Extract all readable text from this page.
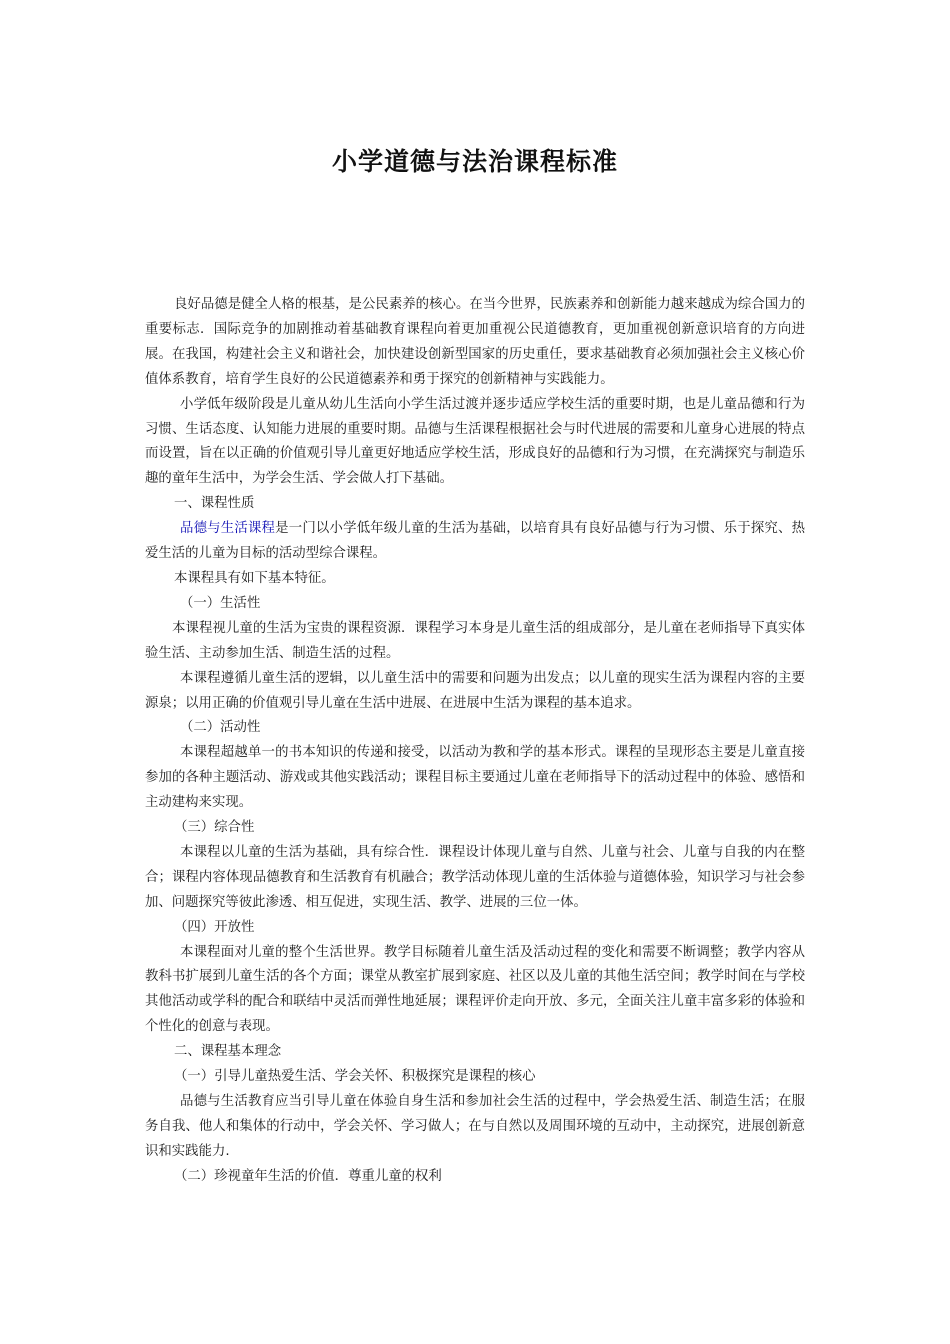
小学道德与法治课程标准

良好品德是健全人格的根基，是公民素养的核心。在当今世界，民族素养和创新能力越来越成为综合国力的重要标志．国际竞争的加剧推动着基础教育课程向着更加重视公民道德教育，更加重视创新意识培育的方向进展。在我国，构建社会主义和谐社会，加快建设创新型国家的历史重任，要求基础教育必须加强社会主义核心价值体系教育，培育学生良好的公民道德素养和勇于探究的创新精神与实践能力。

小学低年级阶段是儿童从幼儿生活向小学生活过渡并逐步适应学校生活的重要时期，也是儿童品德和行为习惯、生话态度、认知能力进展的重要时期。品德与生活课程根据社会与时代进展的需要和儿童身心进展的特点而设置，旨在以正确的价值观引导儿童更好地适应学校生活，形成良好的品德和行为习惯，在充满探究与制造乐趣的童年生活中，为学会生活、学会做人打下基础。

一、课程性质

品德与生活课程是一门以小学低年级儿童的生活为基础，以培育具有良好品德与行为习惯、乐于探究、热爱生活的儿童为目标的活动型综合课程。

本课程具有如下基本特征。

（一）生活性

本课程视儿童的生活为宝贵的课程资源．课程学习本身是儿童生活的组成部分，是儿童在老师指导下真实体验生活、主动参加生活、制造生活的过程。

本课程遵循儿童生活的逻辑，以儿童生活中的需要和问题为出发点；以儿童的现实生活为课程内容的主要源泉；以用正确的价值观引导儿童在生活中进展、在进展中生活为课程的基本追求。

（二）活动性

本课程超越单一的书本知识的传递和接受，以活动为教和学的基本形式。课程的呈现形态主要是儿童直接参加的各种主题活动、游戏或其他实践活动；课程目标主要通过儿童在老师指导下的活动过程中的体验、感悟和主动建构来实现。

（三）综合性

本课程以儿童的生活为基础，具有综合性．课程设计体现儿童与自然、儿童与社会、儿童与自我的内在整合；课程内容体现品德教育和生活教育有机融合；教学活动体现儿童的生活体验与道德体验，知识学习与社会参加、问题探究等彼此渗透、相互促进，实现生活、教学、进展的三位一体。

（四）开放性

本课程面对儿童的整个生活世界。教学目标随着儿童生活及活动过程的变化和需要不断调整；教学内容从教科书扩展到儿童生活的各个方面；课堂从教室扩展到家庭、社区以及儿童的其他生活空间；教学时间在与学校其他活动或学科的配合和联结中灵活而弹性地延展；课程评价走向开放、多元，全面关注儿童丰富多彩的体验和个性化的创意与表现。

二、课程基本理念

（一）引导儿童热爱生活、学会关怀、积极探究是课程的核心

品德与生活教育应当引导儿童在体验自身生活和参加社会生活的过程中，学会热爱生活、制造生活；在服务自我、他人和集体的行动中，学会关怀、学习做人；在与自然以及周围环境的互动中，主动探究，进展创新意识和实践能力.

（二）珍视童年生活的价值．尊重儿童的权利
